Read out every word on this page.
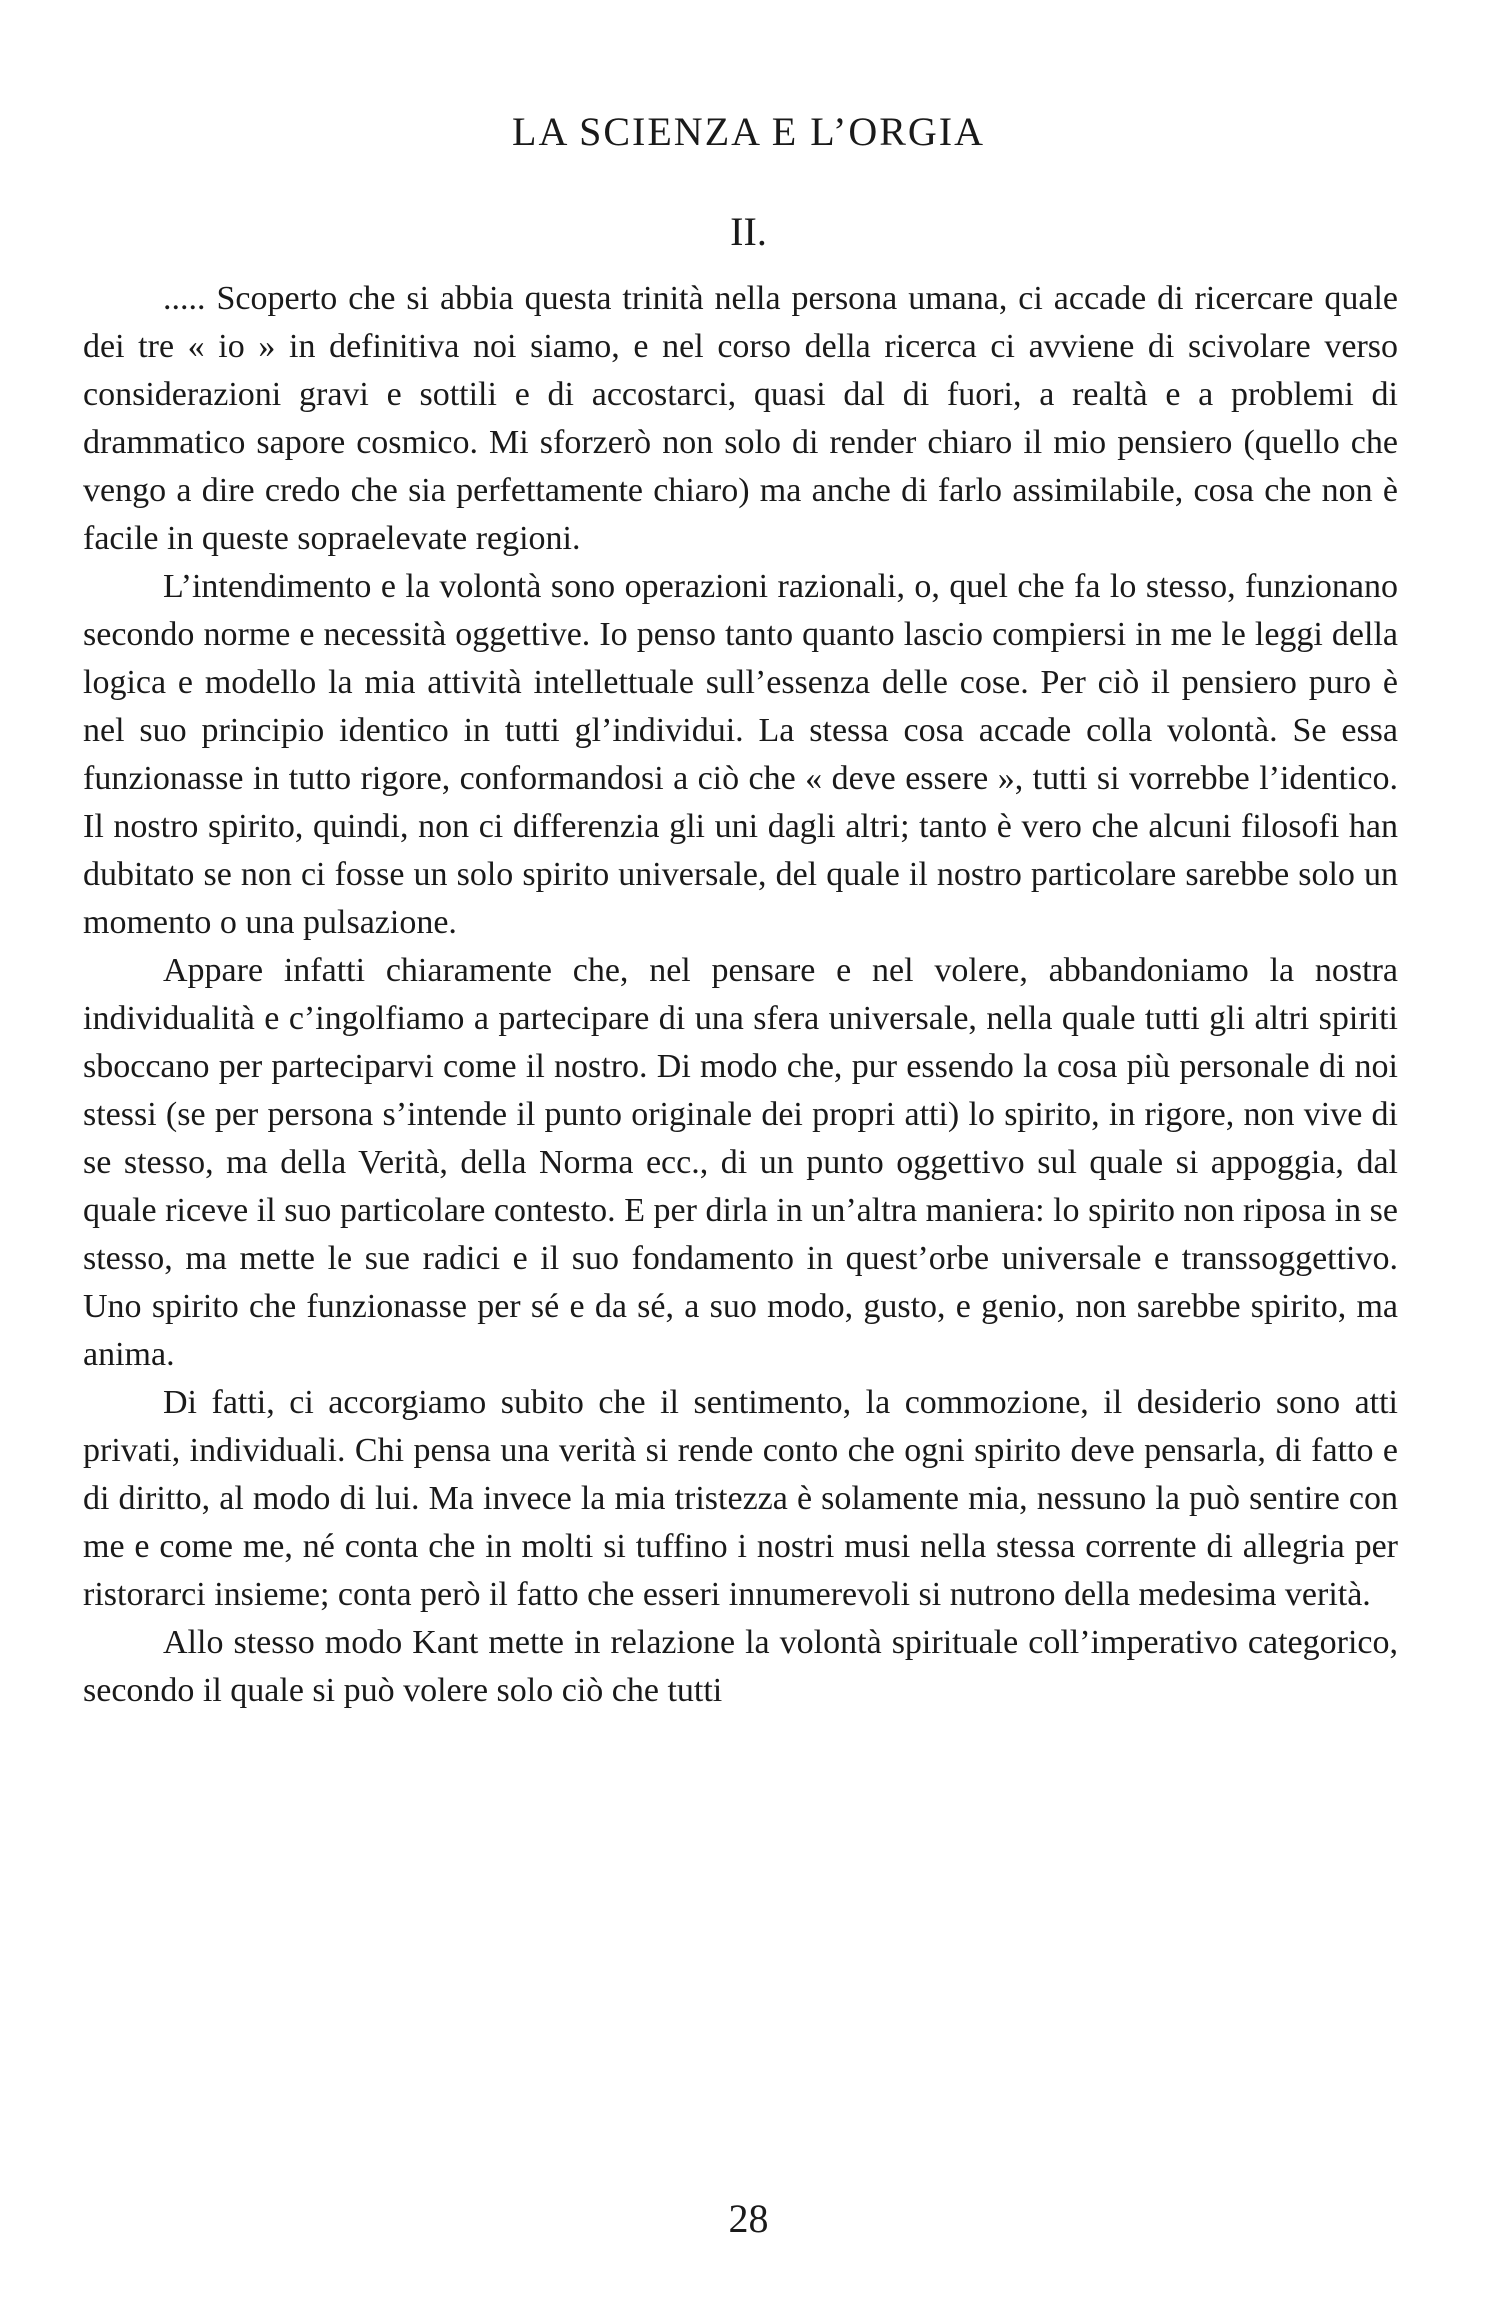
LA SCIENZA E L’ORGIA
II.

..... Scoperto che si abbia questa trinità nella persona umana, ci accade di ricercare quale dei tre « io » in definitiva noi siamo, e nel corso della ricerca ci avviene di scivolare verso considerazioni gravi e sottili e di accostarci, quasi dal di fuori, a realtà e a problemi di drammatico sapore cosmico. Mi sforzerò non solo di render chiaro il mio pensiero (quello che vengo a dire credo che sia perfettamente chiaro) ma anche di farlo assimilabile, cosa che non è facile in queste sopraelevate regioni.

L’intendimento e la volontà sono operazioni razionali, o, quel che fa lo stesso, funzionano secondo norme e necessità oggettive. Io penso tanto quanto lascio compiersi in me le leggi della logica e modello la mia attività intellettuale sull’essenza delle cose. Per ciò il pensiero puro è nel suo principio identico in tutti gl’individui. La stessa cosa accade colla volontà. Se essa funzionasse in tutto rigore, conformandosi a ciò che « deve essere », tutti si vorrebbe l’identico. Il nostro spirito, quindi, non ci differenzia gli uni dagli altri; tanto è vero che alcuni filosofi han dubitato se non ci fosse un solo spirito universale, del quale il nostro particolare sarebbe solo un momento o una pulsazione.

Appare infatti chiaramente che, nel pensare e nel volere, abbandoniamo la nostra individualità e c’ingolfiamo a partecipare di una sfera universale, nella quale tutti gli altri spiriti sboccano per parteciparvi come il nostro. Di modo che, pur essendo la cosa più personale di noi stessi (se per persona s’intende il punto originale dei propri atti) lo spirito, in rigore, non vive di se stesso, ma della Verità, della Norma ecc., di un punto oggettivo sul quale si appoggia, dal quale riceve il suo particolare contesto. E per dirla in un’altra maniera: lo spirito non riposa in se stesso, ma mette le sue radici e il suo fondamento in quest’orbe universale e transsoggettivo. Uno spirito che funzionasse per sé e da sé, a suo modo, gusto, e genio, non sarebbe spirito, ma anima.

Di fatti, ci accorgiamo subito che il sentimento, la commozione, il desiderio sono atti privati, individuali. Chi pensa una verità si rende conto che ogni spirito deve pensarla, di fatto e di diritto, al modo di lui. Ma invece la mia tristezza è solamente mia, nessuno la può sentire con me e come me, né conta che in molti si tuffino i nostri musi nella stessa corrente di allegria per ristorarci insieme; conta però il fatto che esseri innumerevoli si nutrono della medesima verità.

Allo stesso modo Kant mette in relazione la volontà spirituale coll’imperativo categorico, secondo il quale si può volere solo ciò che tutti

28
